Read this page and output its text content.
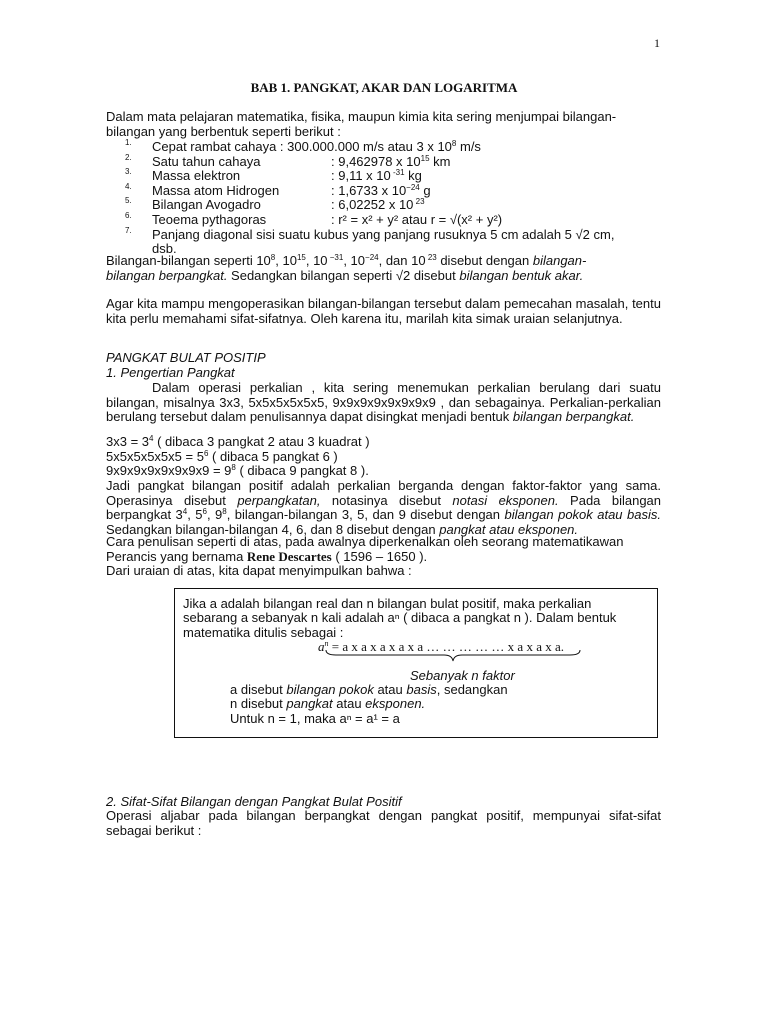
1
BAB 1. PANGKAT, AKAR DAN LOGARITMA
Dalam mata pelajaran matematika, fisika, maupun kimia kita sering menjumpai bilangan-
bilangan yang berbentuk seperti berikut :
1. Cepat rambat cahaya : 300.000.000 m/s atau 3 x $10^8$ m/s
2. Satu tahun cahaya	: 9,462978 x $10^{15}$ km
3. Massa elektron	: 9,11 x 10 $^{-31}$ kg
4. Massa atom Hidrogen	: 1,6733 x $10^{-24}$ g
5. Bilangan Avogadro	: 6,02252 x 10 $^{23}$
6. Teoema pythagoras	: r² = x² + y² atau r = √(x² + y²)
7. Panjang diagonal sisi suatu kubus yang panjang rusuknya 5 cm adalah 5 √2 cm,
dsb.
Bilangan-bilangan seperti $10^8$, $10^{15}$, 10 $^{-31}$, $10^{-24}$, dan 10 $^{23}$ disebut dengan bilangan-
bilangan berpangkat. Sedangkan bilangan seperti √2 disebut bilangan bentuk akar.
Agar kita mampu mengoperasikan bilangan-bilangan tersebut dalam pemecahan masalah, tentu kita perlu memahami sifat-sifatnya. Oleh karena itu, marilah kita simak uraian selanjutnya.
PANGKAT BULAT POSITIP
1. Pengertian Pangkat
Dalam operasi perkalian , kita sering menemukan perkalian berulang dari suatu bilangan, misalnya 3x3, 5x5x5x5x5x5, 9x9x9x9x9x9x9x9 , dan sebagainya. Perkalian-perkalian berulang tersebut dalam penulisannya dapat disingkat menjadi bentuk bilangan berpangkat.
$3x3 = 3^4$ ( dibaca 3 pangkat 2 atau 3 kuadrat )
$5x5x5x5x5x5 = 5^6$ ( dibaca 5 pangkat 6 )
$9x9x9x9x9x9x9x9 = 9^8$ ( dibaca 9 pangkat 8 ).
Jadi pangkat bilangan positif adalah perkalian berganda dengan faktor-faktor yang sama. Operasinya disebut perpangkatan, notasinya disebut notasi eksponen. Pada bilangan berpangkat $3^4$, $5^6$, $9^8$, bilangan-bilangan 3, 5, dan 9 disebut dengan bilangan pokok atau basis. Sedangkan bilangan-bilangan 4, 6, dan 8 disebut dengan pangkat atau eksponen.
Cara penulisan seperti di atas, pada awalnya diperkenalkan oleh seorang matematikawan Perancis yang bernama Rene Descartes ( 1596 – 1650 ).
Dari uraian di atas, kita dapat menyimpulkan bahwa :
Jika a adalah bilangan real dan n bilangan bulat positif, maka perkalian
sebarang a sebanyak n kali adalah aⁿ ( dibaca a pangkat n ). Dalam bentuk
matematika ditulis sebagai :
$a^n = a$ x a x a x a x a … … … … … x a x a x a.
Sebanyak n faktor
a disebut bilangan pokok atau basis, sedangkan
n disebut pangkat atau eksponen.
Untuk n = 1, maka aⁿ = a¹ = a
2. Sifat-Sifat Bilangan dengan Pangkat Bulat Positif
Operasi aljabar pada bilangan berpangkat dengan pangkat positif, mempunyai sifat-sifat sebagai berikut :
